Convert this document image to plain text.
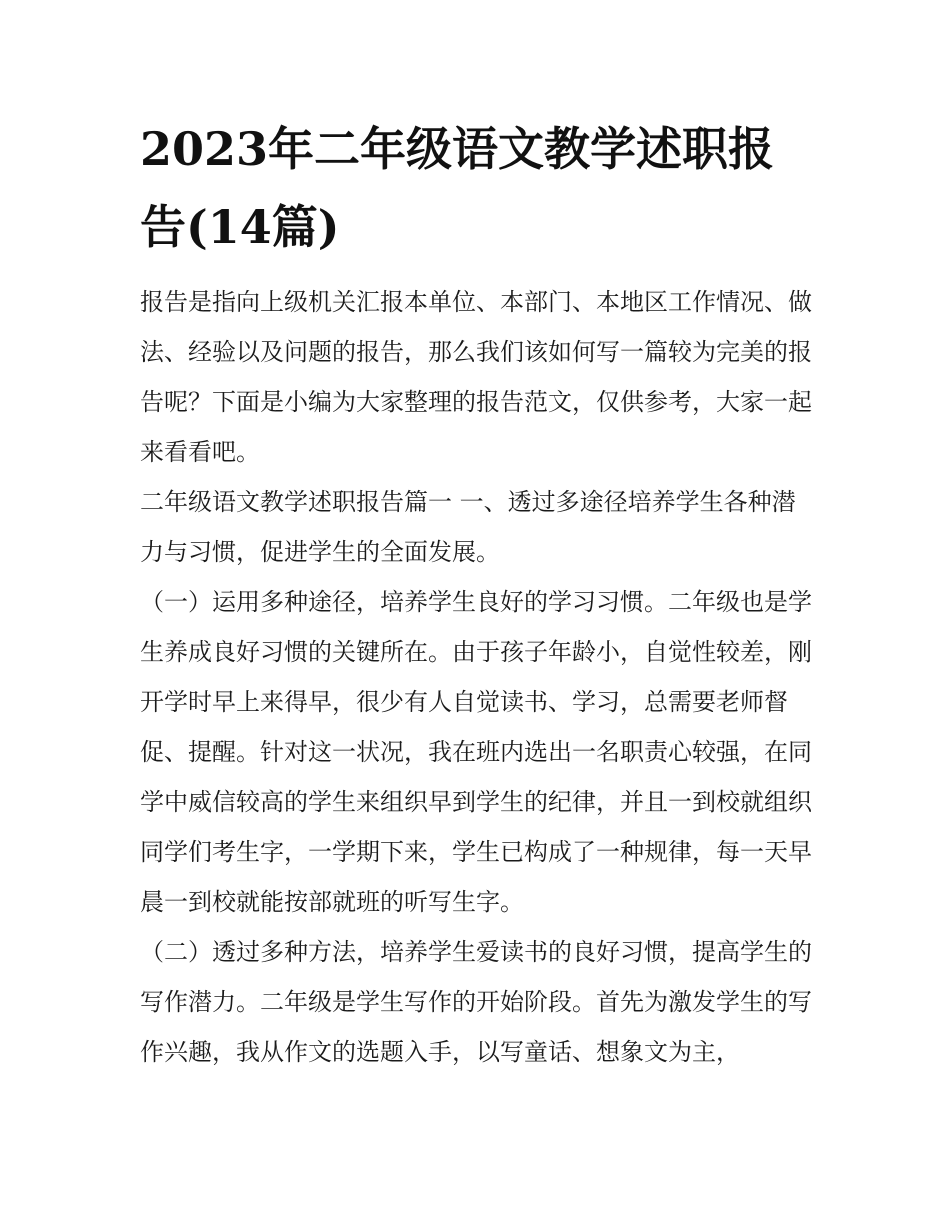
2023年二年级语文教学述职报告(14篇)

报告是指向上级机关汇报本单位、本部门、本地区工作情况、做法、经验以及问题的报告，那么我们该如何写一篇较为完美的报告呢？下面是小编为大家整理的报告范文，仅供参考，大家一起来看看吧。

二年级语文教学述职报告篇一 一、透过多途径培养学生各种潜力与习惯，促进学生的全面发展。

（一）运用多种途径，培养学生良好的学习习惯。二年级也是学生养成良好习惯的关键所在。由于孩子年龄小，自觉性较差，刚开学时早上来得早，很少有人自觉读书、学习，总需要老师督促、提醒。针对这一状况，我在班内选出一名职责心较强，在同学中威信较高的学生来组织早到学生的纪律，并且一到校就组织同学们考生字，一学期下来，学生已构成了一种规律，每一天早晨一到校就能按部就班的听写生字。

（二）透过多种方法，培养学生爱读书的良好习惯，提高学生的写作潜力。二年级是学生写作的开始阶段。首先为激发学生的写作兴趣，我从作文的选题入手，以写童话、想象文为主，
